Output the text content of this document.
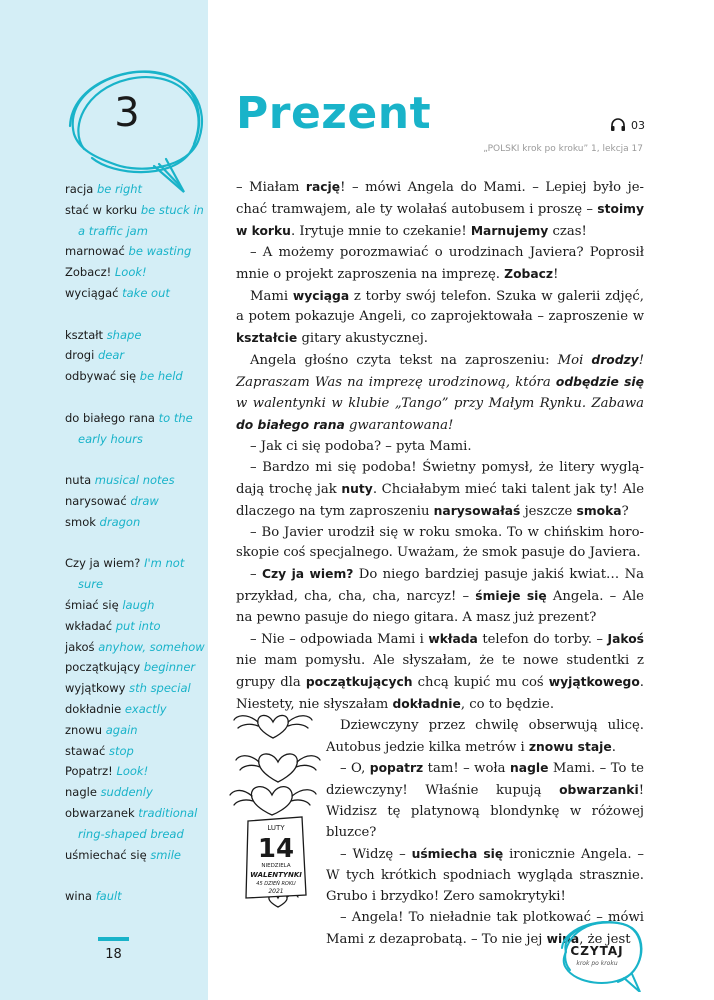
3
racja be right
stać w korku be stuck in a traffic jam
marnować be wasting
Zobacz! Look!
wyciągać take out
kształt shape
drogi dear
odbywać się be held
do białego rana to the early hours
nuta musical notes
narysować draw
smok dragon
Czy ja wiem? I'm not sure
śmiać się laugh
wkładać put into
jakoś anyhow, somehow
początkujący beginner
wyjątkowy sth special
dokładnie exactly
znowu again
stawać stop
Popatrz! Look!
nagle suddenly
obwarzanek traditional ring-shaped bread
uśmiechać się smile
wina fault
18
Prezent	03
„POLSKI krok po kroku” 1, lekcja 17

– Miałam rację! – mówi Angela do Mami. – Lepiej było jechać tramwajem, ale ty wolałaś autobusem i proszę – stoimy w korku. Irytuje mnie to czekanie! Marnujemy czas!

– A możemy porozmawiać o urodzinach Javiera? Poprosił mnie o projekt zaproszenia na imprezę. Zobacz!

Mami wyciąga z torby swój telefon. Szuka w galerii zdjęć, a potem pokazuje Angeli, co zaprojektowała – zaproszenie w kształcie gitary akustycznej.

Angela głośno czyta tekst na zaproszeniu: Moi drodzy! Zapraszam Was na imprezę urodzinową, która odbędzie się w walentynki w klubie „Tango” przy Małym Rynku. Zabawa do białego rana gwarantowana!

– Jak ci się podoba? – pyta Mami.

– Bardzo mi się podoba! Świetny pomysł, że litery wyglądają trochę jak nuty. Chciałabym mieć taki talent jak ty! Ale dlaczego na tym zaproszeniu narysowałaś jeszcze smoka?

– Bo Javier urodził się w roku smoka. To w chińskim horoskopie coś specjalnego. Uważam, że smok pasuje do Javiera.

– Czy ja wiem? Do niego bardziej pasuje jakiś kwiat… Na przykład, cha, cha, cha, narcyz! – śmieje się Angela. – Ale na pewno pasuje do niego gitara. A masz już prezent?

– Nie – odpowiada Mami i wkłada telefon do torby. – Jakoś nie mam pomysłu. Ale słyszałam, że te nowe studentki z grupy dla początkujących chcą kupić mu coś wyjątkowego. Niestety, nie słyszałam dokładnie, co to będzie.

Dziewczyny przez chwilę obserwują ulicę. Autobus jedzie kilka metrów i znowu staje.

– O, popatrz tam! – woła nagle Mami. – To te dziewczyny! Właśnie kupują obwarzanki! Widzisz tę platynową blondynkę w różowej bluzce?

– Widzę – uśmiecha się ironicznie Angela. – W tych krótkich spodniach wygląda strasznie. Grubo i brzydko! Zero samokrytyki!

– Angela! To nieładnie tak plotkować – mówi Mami z dezaprobatą. – To nie jej wina, że jest

LUTY
14
NIEDZIELA
WALENTYNKI
45 DZIEŃ ROKU
2021
CZYTAJ
krok po kroku
